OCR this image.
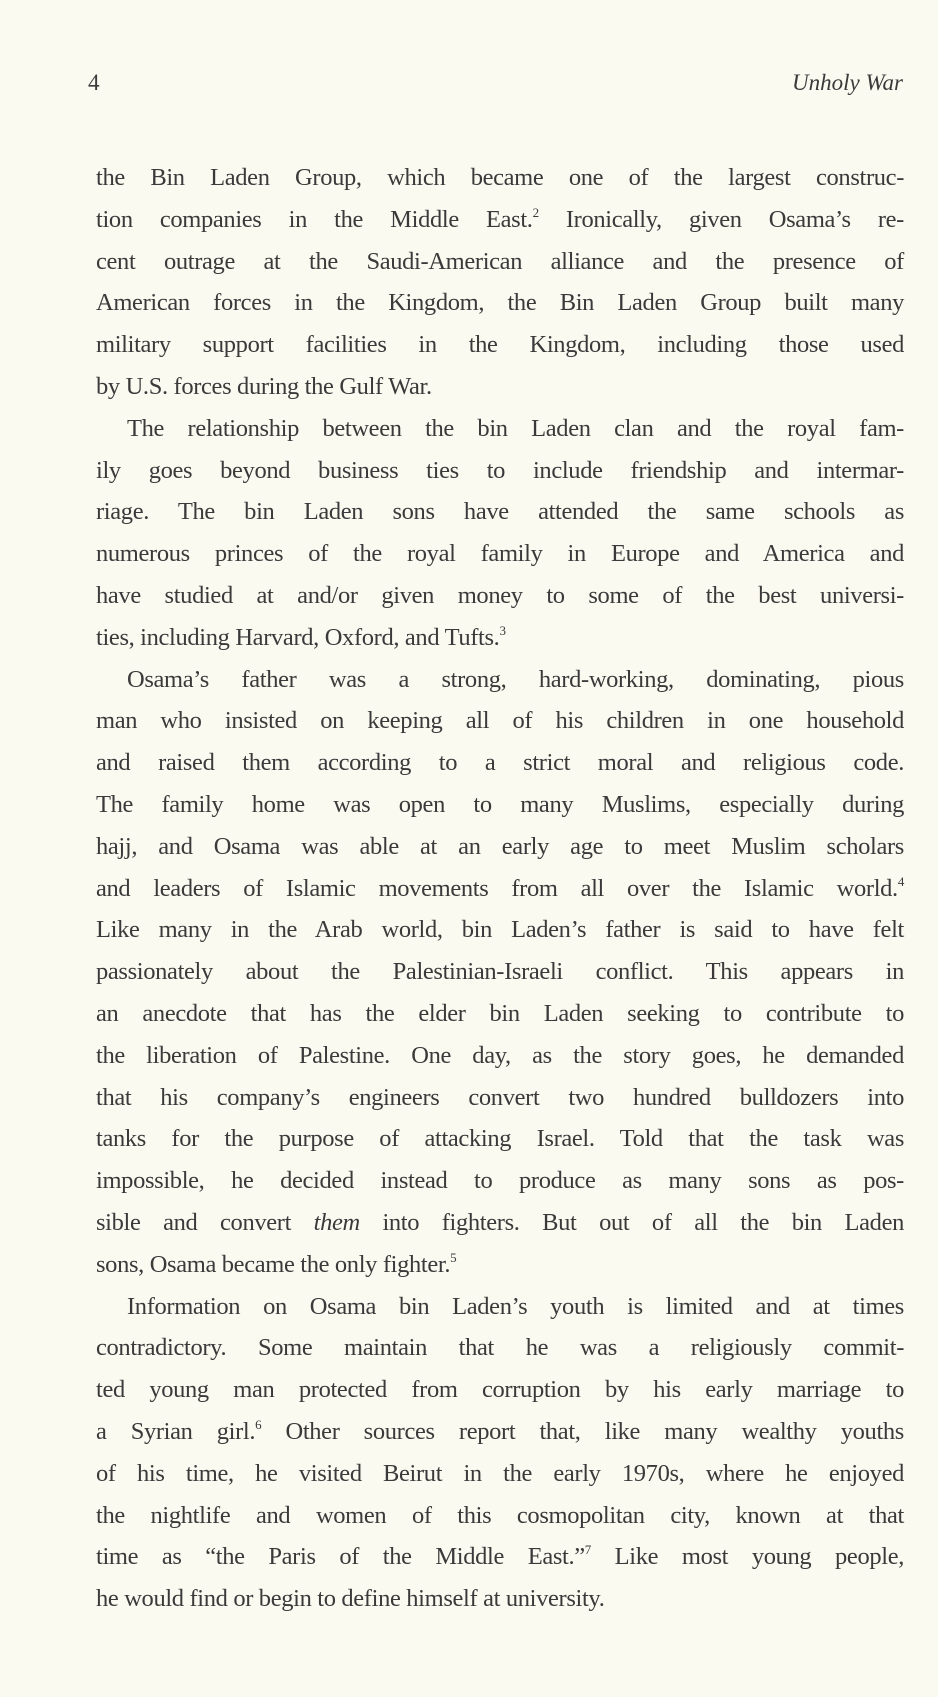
4	Unholy War
the Bin Laden Group, which became one of the largest construc-
tion companies in the Middle East.$^2$ Ironically, given Osama’s re-
cent outrage at the Saudi-American alliance and the presence of
American forces in the Kingdom, the Bin Laden Group built many
military support facilities in the Kingdom, including those used
by U.S. forces during the Gulf War.
The relationship between the bin Laden clan and the royal fam-
ily goes beyond business ties to include friendship and intermar-
riage. The bin Laden sons have attended the same schools as
numerous princes of the royal family in Europe and America and
have studied at and/or given money to some of the best universi-
ties, including Harvard, Oxford, and Tufts.$^3$
Osama’s father was a strong, hard-working, dominating, pious
man who insisted on keeping all of his children in one household
and raised them according to a strict moral and religious code.
The family home was open to many Muslims, especially during
hajj, and Osama was able at an early age to meet Muslim scholars
and leaders of Islamic movements from all over the Islamic world.$^4$
Like many in the Arab world, bin Laden’s father is said to have felt
passionately about the Palestinian-Israeli conflict. This appears in
an anecdote that has the elder bin Laden seeking to contribute to
the liberation of Palestine. One day, as the story goes, he demanded
that his company’s engineers convert two hundred bulldozers into
tanks for the purpose of attacking Israel. Told that the task was
impossible, he decided instead to produce as many sons as pos-
sible and convert them into fighters. But out of all the bin Laden
sons, Osama became the only fighter.$^5$
Information on Osama bin Laden’s youth is limited and at times
contradictory. Some maintain that he was a religiously commit-
ted young man protected from corruption by his early marriage to
a Syrian girl.$^6$ Other sources report that, like many wealthy youths
of his time, he visited Beirut in the early 1970s, where he enjoyed
the nightlife and women of this cosmopolitan city, known at that
time as “the Paris of the Middle East.”$^7$ Like most young people,
he would find or begin to define himself at university.
